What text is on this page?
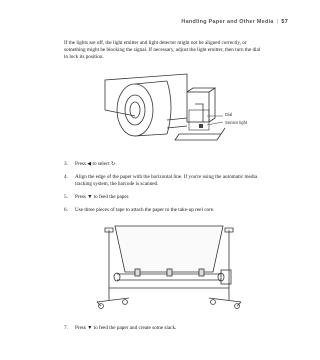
Handling Paper and Other Media | 57
If the lights are off, the light emitter and light detector might not be aligned correctly, or something might be blocking the signal. If necessary, adjust the light emitter, then turn the dial to lock its position.
Dial
Sensor light
3. Press ◀ to select ↻.
4. Align the edge of the paper with the horizontal line. If you're using the automatic media tracking system, the barcode is scanned.
5. Press ▼ to feed the paper.
6. Use three pieces of tape to attach the paper to the take-up reel core.
7. Press ▼ to feed the paper and create some slack.
